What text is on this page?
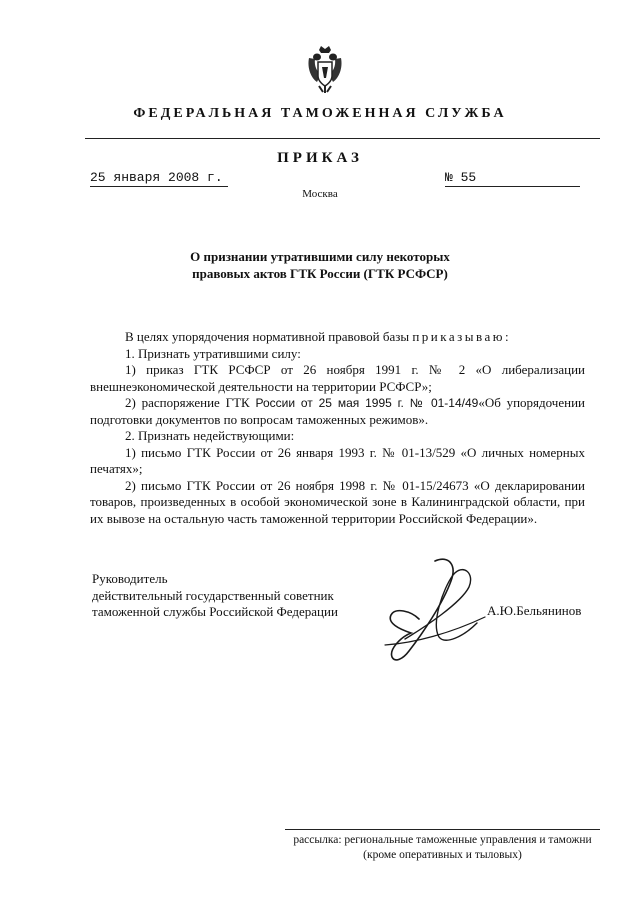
ФЕДЕРАЛЬНАЯ ТАМОЖЕННАЯ СЛУЖБА
ПРИКАЗ
25 января 2008 г.	№ 55
Москва
О признании утратившими силу некоторых
правовых актов ГТК России (ГТК РСФСР)

В целях упорядочения нормативной правовой базы приказываю:

1. Признать утратившими силу:

1) приказ ГТК РСФСР от 26 ноября 1991 г. № 2 «О либерализации внешнеэкономической деятельности на территории РСФСР»;

2) распоряжение ГТК России от 25 мая 1995 г. № 01-14/49«Об упорядочении подготовки документов по вопросам таможенных режимов».

2. Признать недействующими:

1) письмо ГТК России от 26 января 1993 г. № 01-13/529 «О личных номерных печатях»;

2) письмо ГТК России от 26 ноября 1998 г. № 01-15/24673 «О декларировании товаров, произведенных в особой экономической зоне в Калининградской области, при их вывозе на остальную часть таможенной территории Российской Федерации».

Руководитель
действительный государственный советник
таможенной службы Российской Федерации	А.Ю.Бельянинов
рассылка: региональные таможенные управления и таможни
(кроме оперативных и тыловых)
